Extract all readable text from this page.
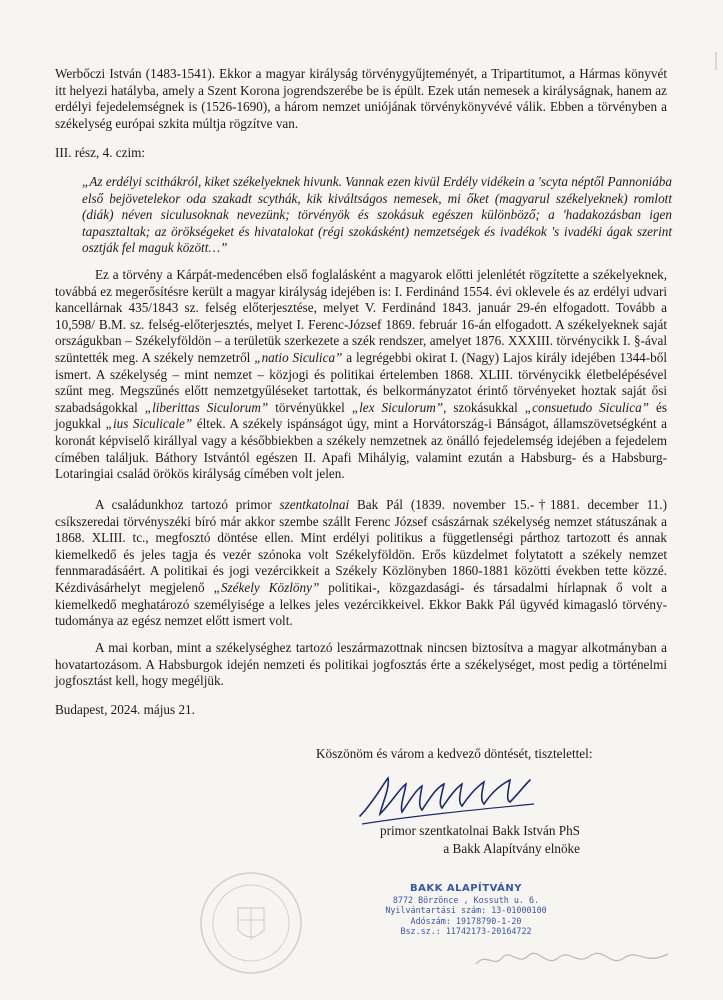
Werbőczi István (1483-1541). Ekkor a magyar királyság törvénygyűjteményét, a Tripartitumot, a Hármas könyvét itt helyezi hatályba, amely a Szent Korona jogrendszerébe be is épült. Ezek után nemesek a királyságnak, hanem az erdélyi fejedelemségnek is (1526-1690), a három nemzet uniójának törvénykönyvévé válik. Ebben a törvényben a székelység európai szkita múltja rögzítve van.
III. rész, 4. czim:
„Az erdélyi scithákról, kiket székelyeknek hivunk. Vannak ezen kivül Erdély vidékein a 'scyta néptől Pannoniába első bejövetelekor oda szakadt scythák, kik kiváltságos nemesek, mi őket (magyarul székelyeknek) romlott (diák) néven siculusoknak nevezünk; törvényök és szokásuk egészen különböző; a 'hadakozásban igen tapasztaltak; az örökségeket és hivatalokat (régi szokásként) nemzetségek és ivadékok 's ivadéki ágak szerint osztják fel maguk között…”
Ez a törvény a Kárpát-medencében első foglalásként a magyarok előtti jelenlétét rögzítette a székelyeknek, továbbá ez megerősítésre került a magyar királyság idejében is: I. Ferdinánd 1554. évi oklevele és az erdélyi udvari kancellárnak 435/1843 sz. felség előterjesztése, melyet V. Ferdinánd 1843. január 29-én elfogadott. Tovább a 10,598/ B.M. sz. felség-előterjesztés, melyet I. Ferenc-József 1869. február 16-án elfogadott. A székelyeknek saját országukban – Székelyföldön – a területük szerkezete a szék rendszer, amelyet 1876. XXXIII. törvénycikk I. §-ával szüntették meg. A székely nemzetről „natio Siculica” a legrégebbi okirat I. (Nagy) Lajos király idejében 1344-ből ismert. A székelység – mint nemzet – közjogi és politikai értelemben 1868. XLIII. törvénycikk életbelépésével szűnt meg. Megszűnés előtt nemzetgyűléseket tartottak, és belkormányzatot érintő törvényeket hoztak saját ősi szabadságokkal „liberittas Siculorum” törvényükkel „lex Siculorum”, szokásukkal „consuetudo Siculica” és jogukkal „ius Siculicale” éltek. A székely ispánságot úgy, mint a Horvátország-i Bánságot, államszövetségként a koronát képviselő királlyal vagy a későbbiekben a székely nemzetnek az önálló fejedelemség idejében a fejedelem címében találjuk. Báthory Istvántól egészen II. Apafi Mihályig, valamint ezután a Habsburg- és a Habsburg-Lotaringiai család örökös királyság címében volt jelen.
A családunkhoz tartozó primor szentkatolnai Bak Pál (1839. november 15.-†1881. december 11.) csíkszeredai törvényszéki bíró már akkor szembe szállt Ferenc József császárnak székelység nemzet státuszának a 1868. XLIII. tc., megfosztó döntése ellen. Mint erdélyi politikus a függetlenségi párthoz tartozott és annak kiemelkedő és jeles tagja és vezér szónoka volt Székelyföldön. Erős küzdelmet folytatott a székely nemzet fennmaradásáért. A politikai és jogi vezércikkeit a Székely Közlönyben 1860-1881 közötti években tette közzé. Kézdivásárhelyt megjelenő „Székely Közlöny” politikai-, közgazdasági- és társadalmi hírlapnak ő volt a kiemelkedő meghatározó személyisége a lelkes jeles vezércikkeivel. Ekkor Bakk Pál ügyvéd kimagasló törvény-tudománya az egész nemzet előtt ismert volt.
A mai korban, mint a székelységhez tartozó leszármazottnak nincsen biztosítva a magyar alkotmányban a hovatartozásom. A Habsburgok idején nemzeti és politikai jogfosztás érte a székelységet, most pedig a történelmi jogfosztást kell, hogy megéljük.
Budapest, 2024. május 21.
Köszönöm és várom a kedvező döntését, tisztelettel:
primor szentkatolnai Bakk István PhS
a Bakk Alapítvány elnöke
BAKK ALAPÍTVÁNY
8772 Börzönce , Kossuth u. 6.
Nyilvántartási szám: 13-01000100
Adószám: 19178790-1-20
Bsz.sz.: 11742173-20164722
